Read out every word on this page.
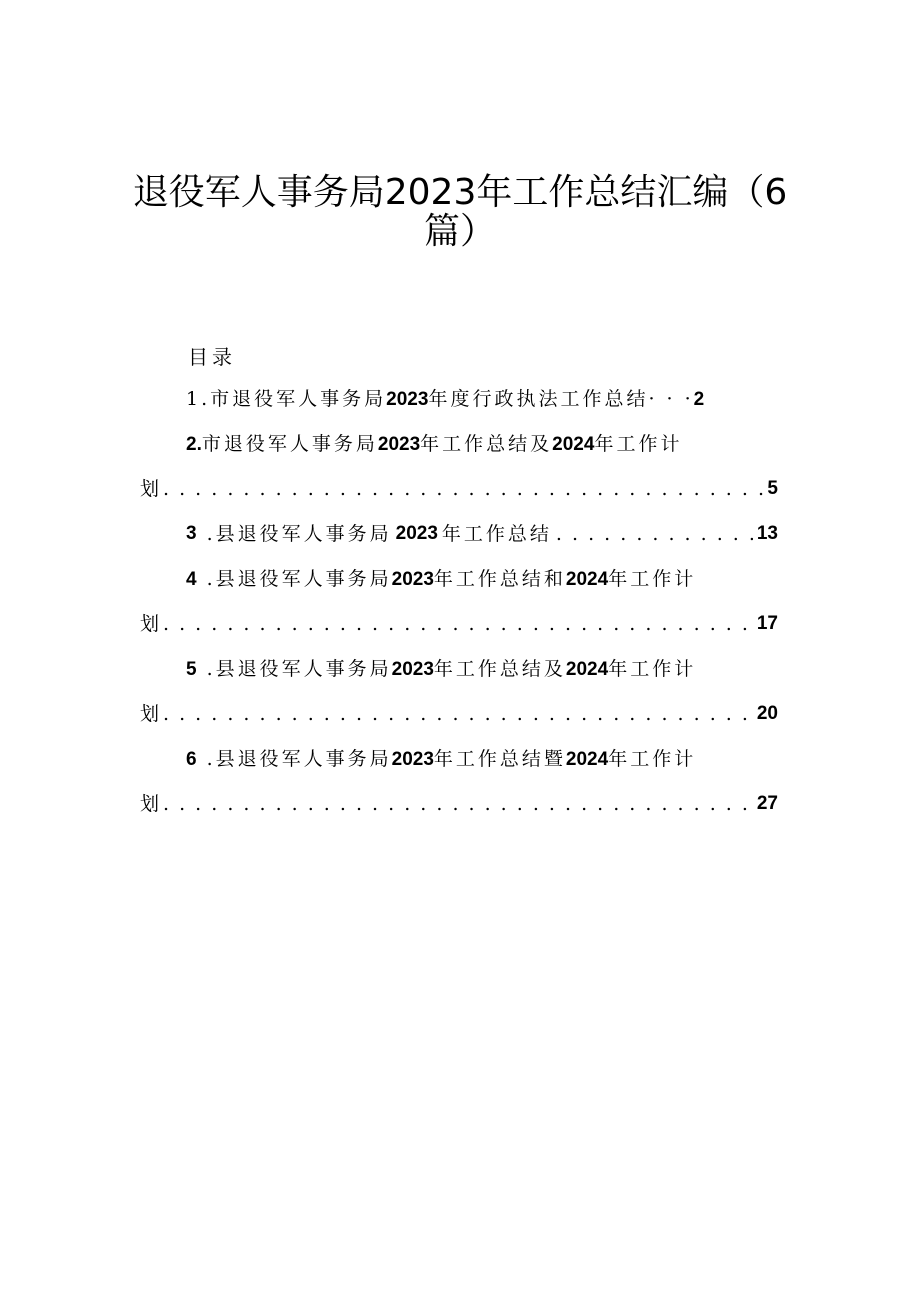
退役军人事务局2023年工作总结汇编（6
篇）
目录
1.市退役军人事务局2023年度行政执法工作总结· · ·2
2.市退役军人事务局2023年工作总结及2024年工作计
划 . . .	5
3 .县退役军人事务局 2023 年工作总结 . . .	13
4 .县退役军人事务局2023年工作总结和2024年工作计
划 . . .	17
5 .县退役军人事务局2023年工作总结及2024年工作计
划 . . .	20
6 .县退役军人事务局2023年工作总结暨2024年工作计
划 . . .	27
